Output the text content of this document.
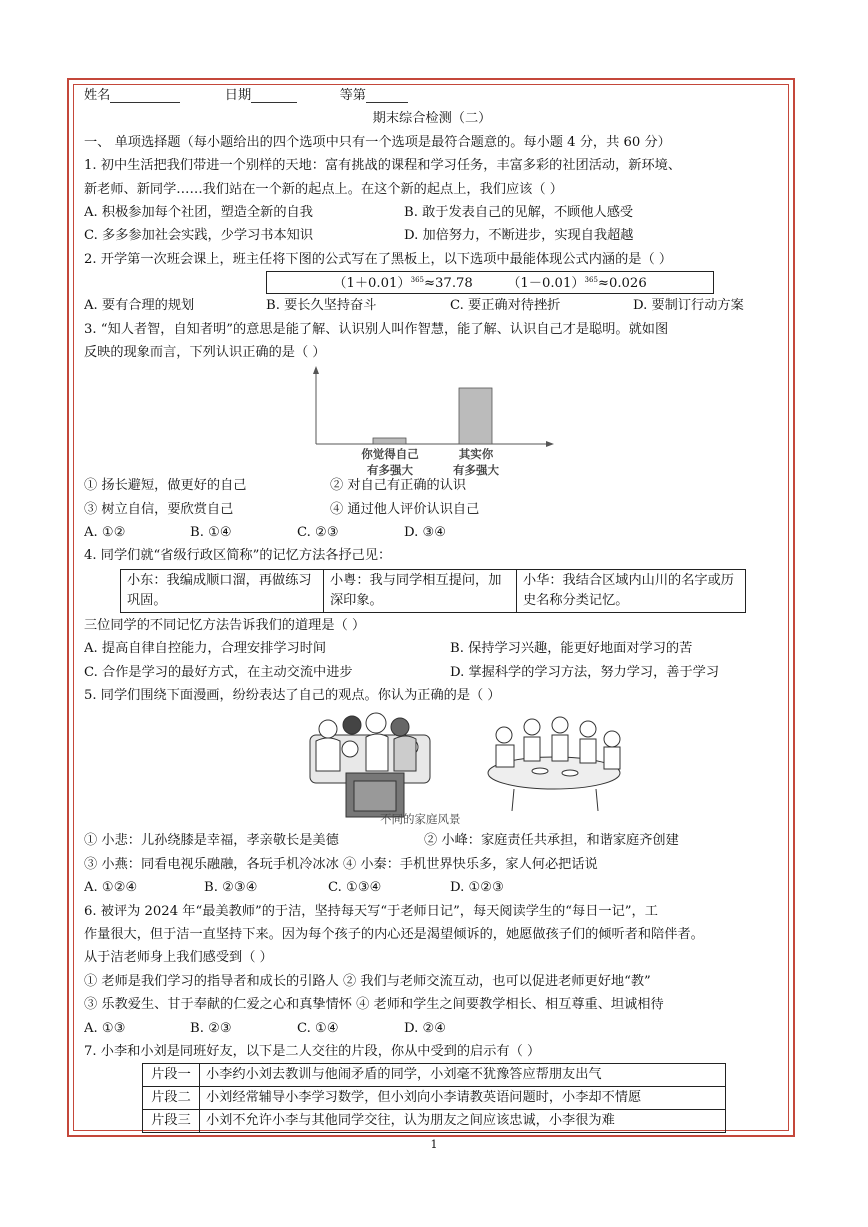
姓名	日期	等第
期末综合检测（二）
一、 单项选择题（每小题给出的四个选项中只有一个选项是最符合题意的。每小题 4 分，共 60 分）
1. 初中生活把我们带进一个别样的天地：富有挑战的课程和学习任务，丰富多彩的社团活动，新环境、
新老师、新同学……我们站在一个新的起点上。在这个新的起点上，我们应该（ ）
A. 积极参加每个社团，塑造全新的自我	B. 敢于发表自己的见解，不顾他人感受
C. 多多参加社会实践，少学习书本知识	D. 加倍努力，不断进步，实现自我超越
2. 开学第一次班会课上，班主任将下图的公式写在了黑板上，以下选项中最能体现公式内涵的是（ ）
$(1+0.01)^{365}\approx 37.78$	$(1-0.01)^{365}\approx 0.026$
A. 要有合理的规划	B. 要长久坚持奋斗	C. 要正确对待挫折	D. 要制订行动方案
3. “知人者智，自知者明”的意思是能了解、认识别人叫作智慧，能了解、认识自己才是聪明。就如图
反映的现象而言，下列认识正确的是（ ）
你觉得自己
有多强大
其实你
有多强大
① 扬长避短，做更好的自己	② 对自己有正确的认识
③ 树立自信，要欣赏自己	④ 通过他人评价认识自己
A. ①②	B. ①④	C. ②③	D. ③④
4. 同学们就“省级行政区简称”的记忆方法各抒己见：
小东：我编成顺口溜，再做练习巩固。	小粤：我与同学相互提问，加深印象。	小华：我结合区域内山川的名字或历史名称分类记忆。
三位同学的不同记忆方法告诉我们的道理是（ ）
A. 提高自律自控能力，合理安排学习时间	B. 保持学习兴趣，能更好地面对学习的苦
C. 合作是学习的最好方式，在主动交流中进步	D. 掌握科学的学习方法，努力学习，善于学习
5. 同学们围绕下面漫画，纷纷表达了自己的观点。你认为正确的是（ ）
不同的家庭风景
① 小悲：儿孙绕膝是幸福，孝亲敬长是美德	② 小峰：家庭责任共承担，和谐家庭齐创建
③ 小燕：同看电视乐融融，各玩手机冷冰冰 ④ 小秦：手机世界快乐多，家人何必把话说
A. ①②④	B. ②③④	C. ①③④	D. ①②③
6. 被评为 2024 年“最美教师”的于洁，坚持每天写“于老师日记”，每天阅读学生的“每日一记”，工
作量很大，但于洁一直坚持下来。因为每个孩子的内心还是渴望倾诉的，她愿做孩子们的倾听者和陪伴者。
从于洁老师身上我们感受到（ ）
① 老师是我们学习的指导者和成长的引路人 ② 我们与老师交流互动，也可以促进老师更好地“教”
③ 乐教爱生、甘于奉献的仁爱之心和真挚情怀 ④ 老师和学生之间要教学相长、相互尊重、坦诚相待
A. ①③	B. ②③	C. ①④	D. ②④
7. 小李和小刘是同班好友，以下是二人交往的片段，你从中受到的启示有（ ）
片段一	小李约小刘去教训与他闹矛盾的同学，小刘毫不犹豫答应帮朋友出气
片段二	小刘经常辅导小李学习数学，但小刘向小李请教英语问题时，小李却不情愿
片段三	小刘不允许小李与其他同学交往，认为朋友之间应该忠诚，小李很为难
1
